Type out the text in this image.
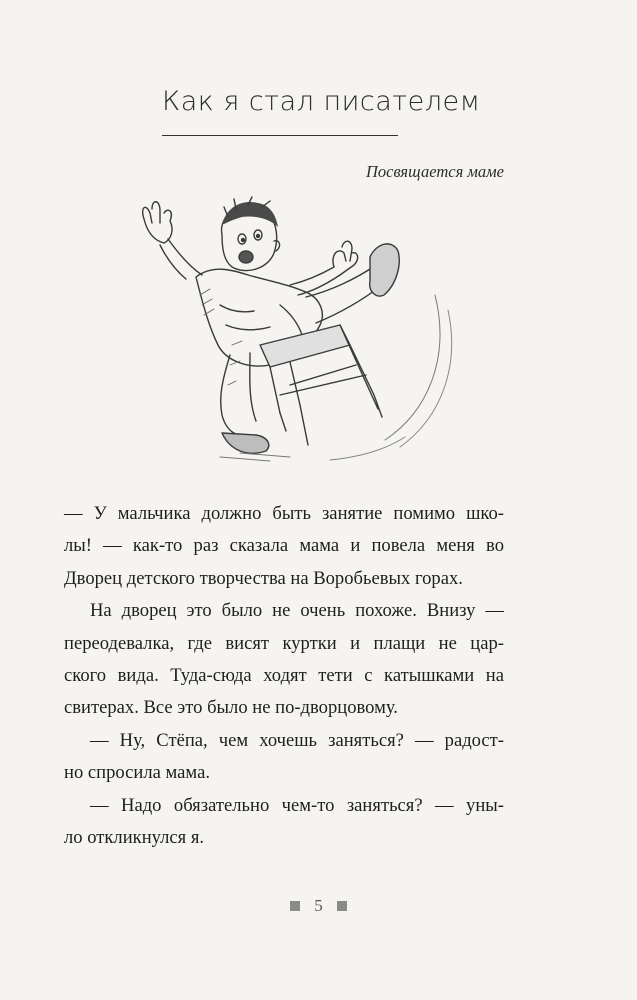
Как я стал писателем
Посвящается маме
— У мальчика должно быть занятие помимо шко-
лы! — как-то раз сказала мама и повела меня во
Дворец детского творчества на Воробьевых горах.
На дворец это было не очень похоже. Внизу —
переодевалка, где висят куртки и плащи не цар-
ского вида. Туда-сюда ходят тети с катышками на
свитерах. Все это было не по-дворцовому.
— Ну, Стёпа, чем хочешь заняться? — радост-
но спросила мама.
— Надо обязательно чем-то заняться? — уны-
ло откликнулся я.
5
